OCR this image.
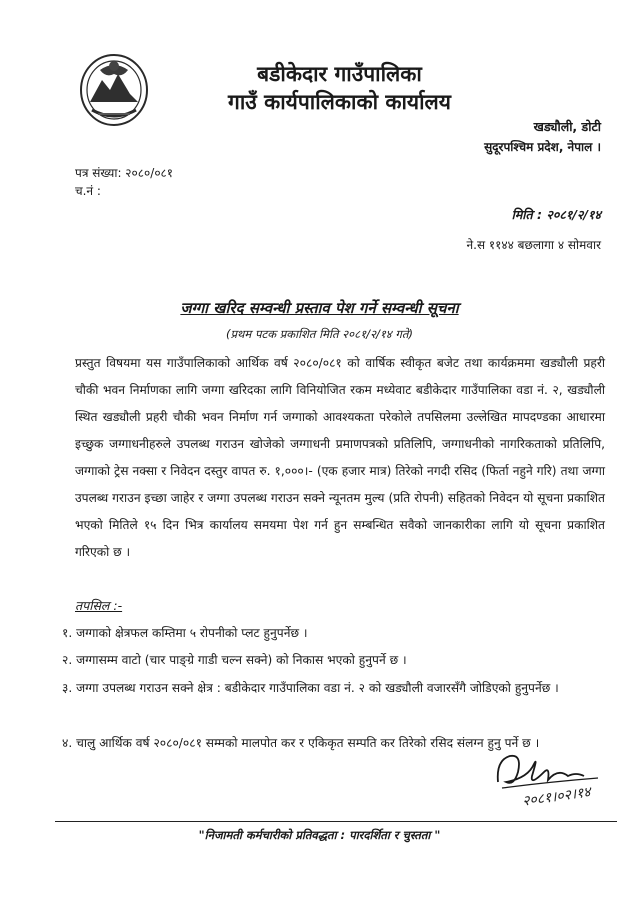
बडीकेदार गाउँपालिका
गाउँ कार्यपालिकाको कार्यालय
खड्यौली, डोटी
सुदूरपश्चिम प्रदेश, नेपाल ।
पत्र संख्या: २०८०/०८१
च.नं :
मिति : २०८१/२/१४
ने.स ११४४ बछलागा ४ सोमवार
जग्गा खरिद सम्वन्धी प्रस्ताव पेश गर्ने सम्वन्धी सूचना
(प्रथम पटक प्रकाशित मिति २०८१/२/१४ गते)
प्रस्तुत विषयमा यस गाउँपालिकाको आर्थिक वर्ष २०८०/०८१ को वार्षिक स्वीकृत बजेट तथा कार्यक्रममा खड्यौली प्रहरी चौकी भवन निर्माणका लागि जग्गा खरिदका लागि विनियोजित रकम मध्येवाट बडीकेदार गाउँपालिका वडा नं. २, खड्यौली स्थित खड्यौली प्रहरी चौकी भवन निर्माण गर्न जग्गाको आवश्यकता परेकोले तपसिलमा उल्लेखित मापदण्डका आधारमा इच्छुक जग्गाधनीहरुले उपलब्ध गराउन खोजेको जग्गाधनी प्रमाणपत्रको प्रतिलिपि, जग्गाधनीको नागरिकताको प्रतिलिपि, जग्गाको ट्रेस नक्सा र निवेदन दस्तुर वापत रु. १,०००।- (एक हजार मात्र) तिरेको नगदी रसिद (फिर्ता नहुने गरि) तथा जग्गा उपलब्ध गराउन इच्छा जाहेर र जग्गा उपलब्ध गराउन सक्ने न्यूनतम मुल्य (प्रति रोपनी) सहितको निवेदन यो सूचना प्रकाशित भएको मितिले १५ दिन भित्र कार्यालय समयमा पेश गर्न हुन सम्बन्धित सवैको जानकारीका लागि यो सूचना प्रकाशित गरिएको छ ।
तपसिल :-
१. जग्गाको क्षेत्रफल कम्तिमा ५ रोपनीको प्लट हुनुपर्नेछ ।
२. जग्गासम्म वाटो (चार पाङ्ग्रे गाडी चल्न सक्ने) को निकास भएको हुनुपर्ने छ ।
३. जग्गा उपलब्ध गराउन सक्ने क्षेत्र : बडीकेदार गाउँपालिका वडा नं. २ को खड्यौली वजारसँगै जोडिएको हुनुपर्नेछ ।
४. चालु आर्थिक वर्ष २०८०/०८१ सम्मको मालपोत कर र एकिकृत सम्पति कर तिरेको रसिद संलग्न हुनु पर्ने छ ।
२०८१।०२।१४
"निजामती कर्मचारीको प्रतिवद्धता : पारदर्शिता र चुस्तता "
